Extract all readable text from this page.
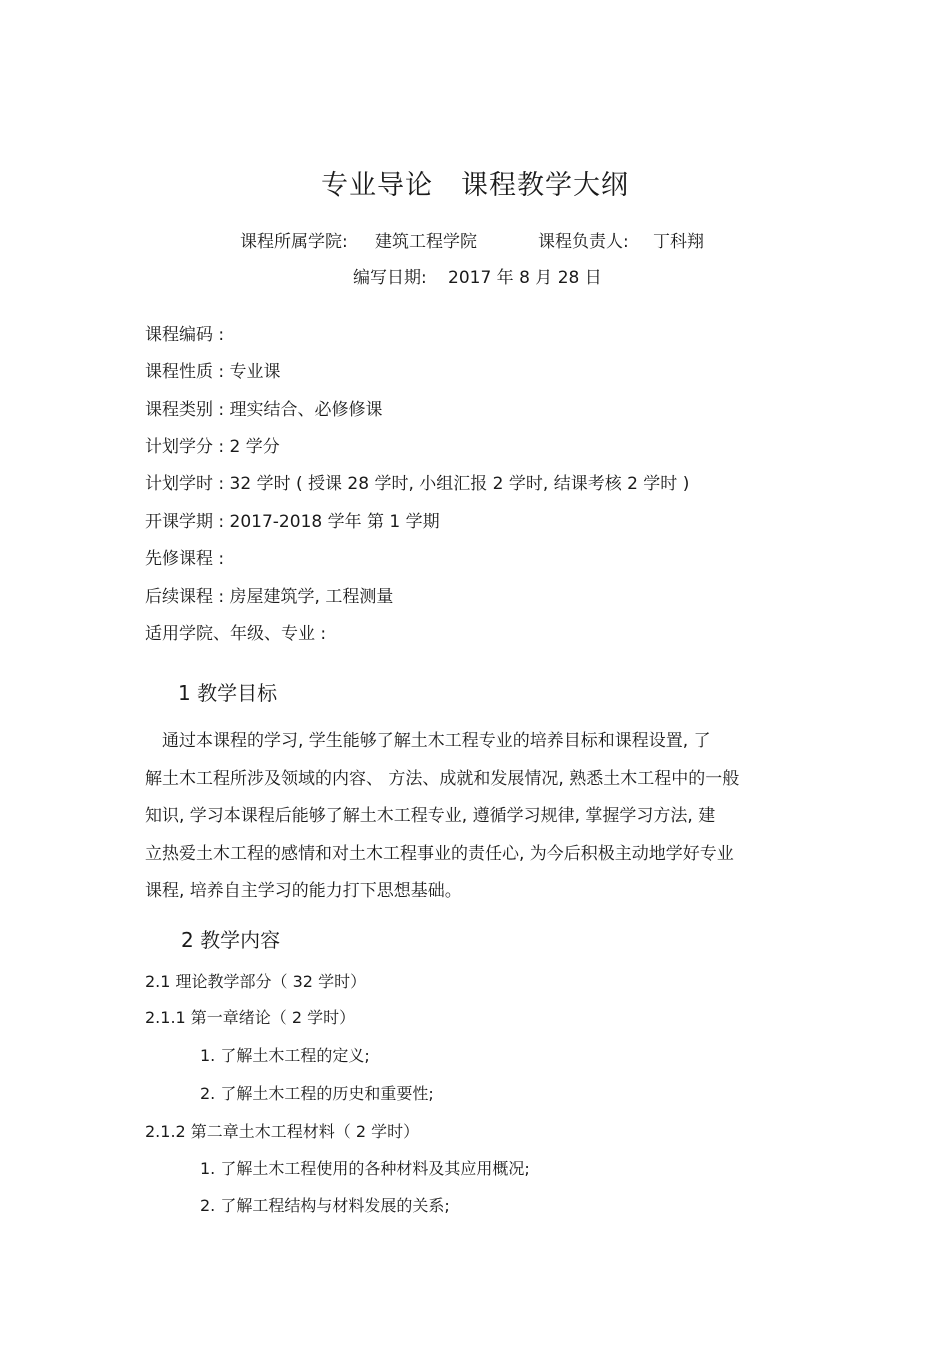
专业导论　课程教学大纲
课程所属学院: 建筑工程学院	课程负责人: 丁科翔
编写日期: 2017 年 8 月 28 日
课程编码 :
课程性质 : 专业课
课程类别 : 理实结合、必修修课
计划学分 : 2 学分
计划学时 : 32 学时 ( 授课 28 学时, 小组汇报 2 学时, 结课考核 2 学时 )
开课学期 : 2017-2018 学年 第 1 学期
先修课程 :
后续课程 : 房屋建筑学, 工程测量
适用学院、年级、专业 :
1 教学目标
　通过本课程的学习, 学生能够了解土木工程专业的培养目标和课程设置, 了
解土木工程所涉及领域的内容、 方法、成就和发展情况, 熟悉土木工程中的一般
知识, 学习本课程后能够了解土木工程专业, 遵循学习规律, 掌握学习方法, 建
立热爱土木工程的感情和对土木工程事业的责任心, 为今后积极主动地学好专业
课程, 培养自主学习的能力打下思想基础。
2 教学内容
2.1 理论教学部分（ 32 学时）
2.1.1 第一章绪论（ 2 学时）
1. 了解土木工程的定义;
2. 了解土木工程的历史和重要性;
2.1.2 第二章土木工程材料（ 2 学时）
1. 了解土木工程使用的各种材料及其应用概况;
2. 了解工程结构与材料发展的关系;
